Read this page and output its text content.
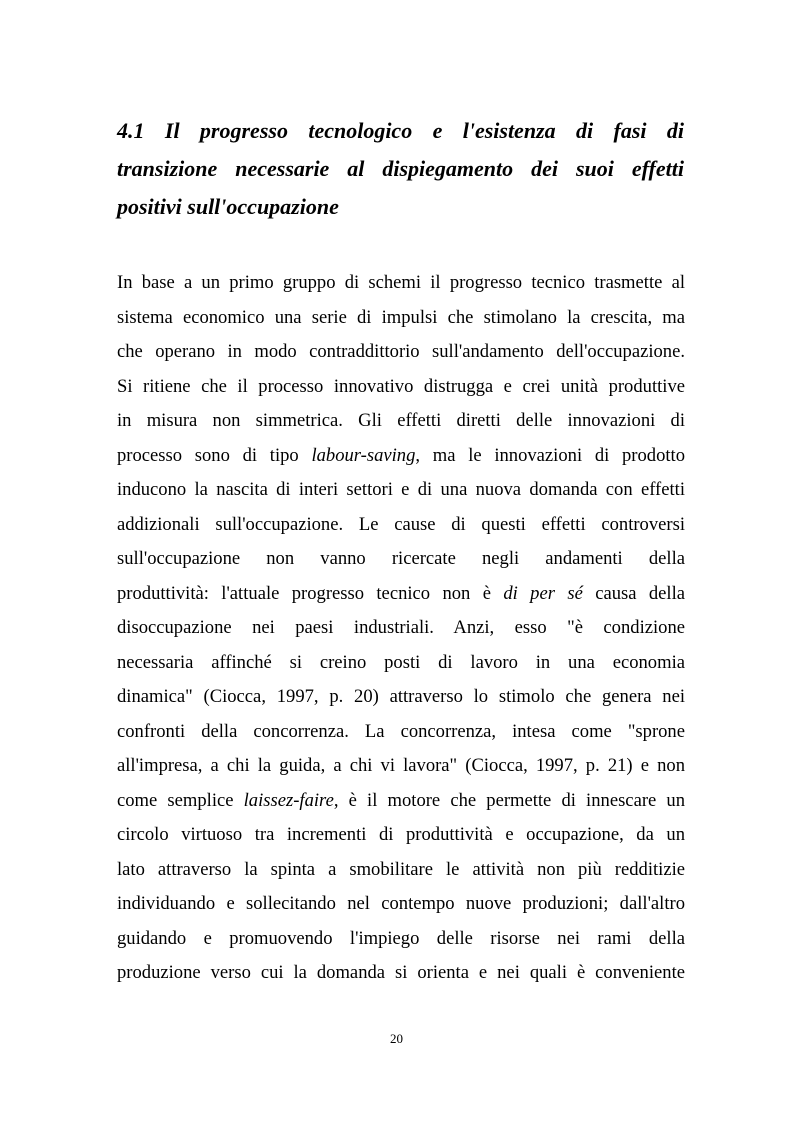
4.1 Il progresso tecnologico e l'esistenza di fasi di
transizione necessarie al dispiegamento dei suoi effetti
positivi sull'occupazione
In base a un primo gruppo di schemi il progresso tecnico trasmette al
sistema economico una serie di impulsi che stimolano la crescita, ma
che operano in modo contraddittorio sull'andamento dell'occupazione.
Si ritiene che il processo innovativo distrugga e crei unità produttive
in misura non simmetrica. Gli effetti diretti delle innovazioni di
processo sono di tipo labour-saving, ma le innovazioni di prodotto
inducono la nascita di interi settori e di una nuova domanda con effetti
addizionali sull'occupazione. Le cause di questi effetti controversi
sull'occupazione non vanno ricercate negli andamenti della
produttività: l'attuale progresso tecnico non è di per sé causa della
disoccupazione nei paesi industriali. Anzi, esso "è condizione
necessaria affinché si creino posti di lavoro in una economia
dinamica" (Ciocca, 1997, p. 20) attraverso lo stimolo che genera nei
confronti della concorrenza. La concorrenza, intesa come "sprone
all'impresa, a chi la guida, a chi vi lavora" (Ciocca, 1997, p. 21) e non
come semplice laissez-faire, è il motore che permette di innescare un
circolo virtuoso tra incrementi di produttività e occupazione, da un
lato attraverso la spinta a smobilitare le attività non più redditizie
individuando e sollecitando nel contempo nuove produzioni; dall'altro
guidando e promuovendo l'impiego delle risorse nei rami della
produzione verso cui la domanda si orienta e nei quali è conveniente
20
